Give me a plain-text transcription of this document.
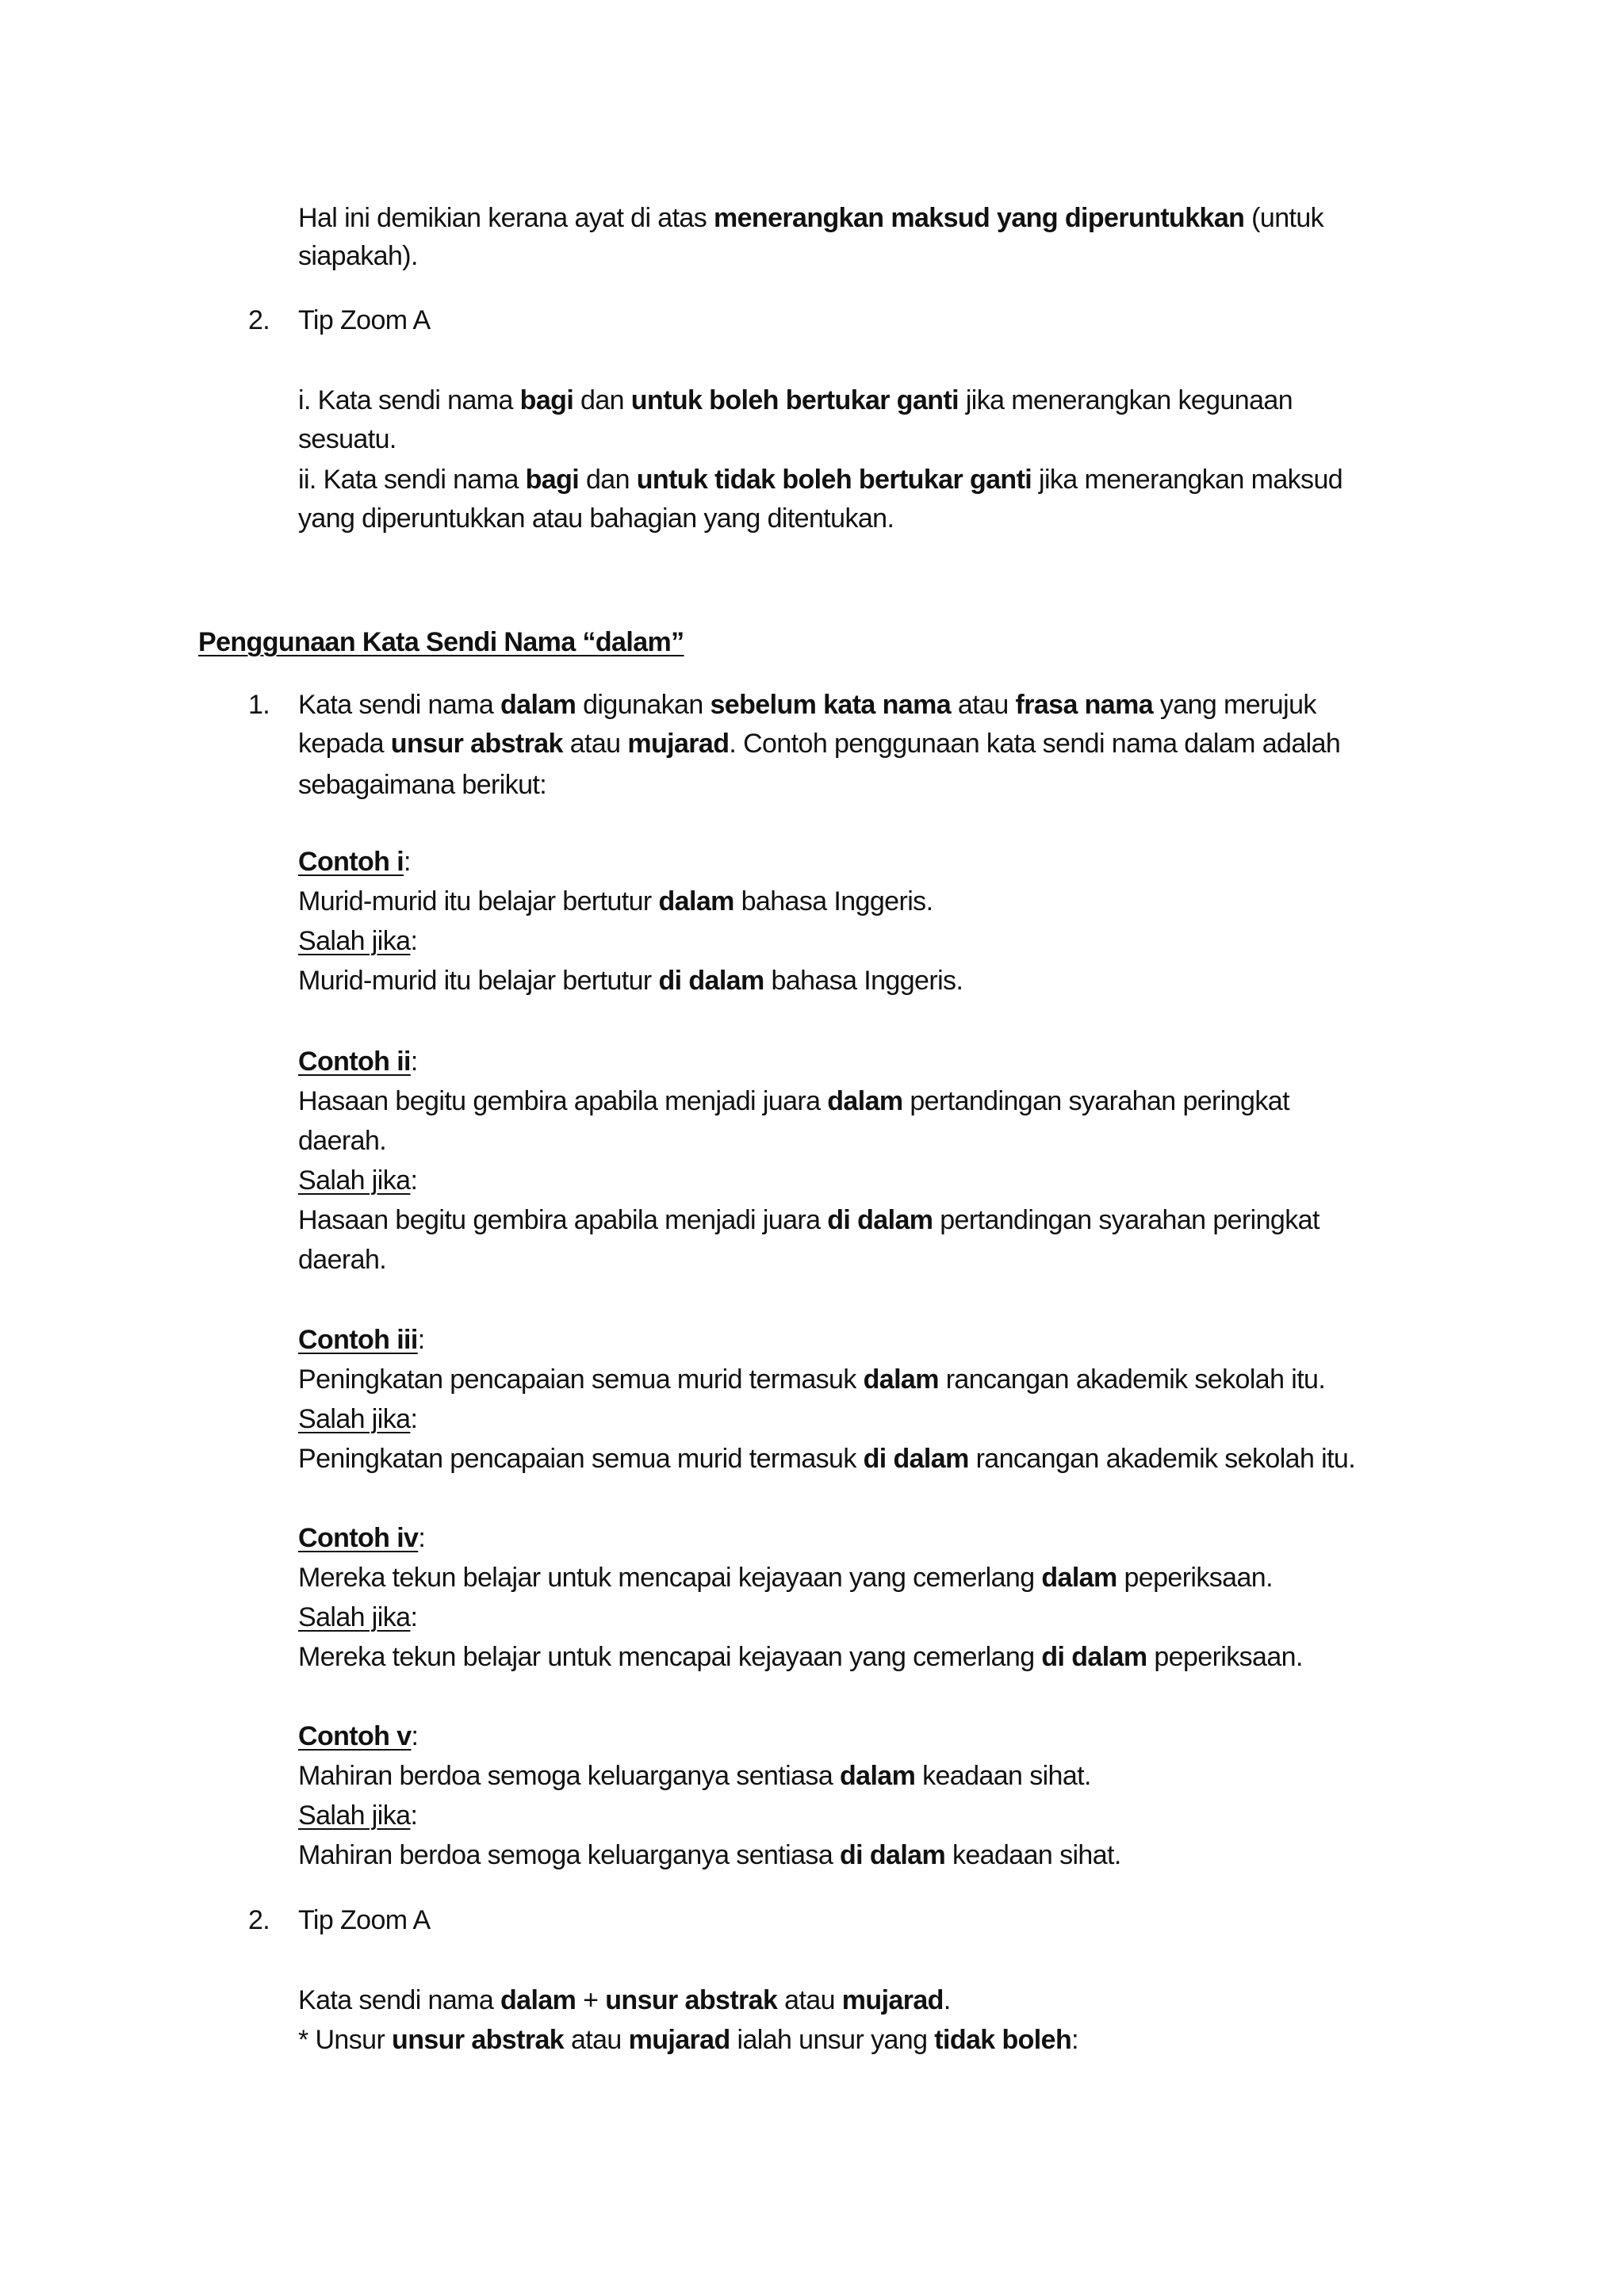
Hal ini demikian kerana ayat di atas menerangkan maksud yang diperuntukkan (untuk
siapakah).
2. Tip Zoom A
i. Kata sendi nama bagi dan untuk boleh bertukar ganti jika menerangkan kegunaan
sesuatu.
ii. Kata sendi nama bagi dan untuk tidak boleh bertukar ganti jika menerangkan maksud
yang diperuntukkan atau bahagian yang ditentukan.
Penggunaan Kata Sendi Nama “dalam”
1. Kata sendi nama dalam digunakan sebelum kata nama atau frasa nama yang merujuk
kepada unsur abstrak atau mujarad. Contoh penggunaan kata sendi nama dalam adalah
sebagaimana berikut:
Contoh i:
Murid-murid itu belajar bertutur dalam bahasa Inggeris.
Salah jika:
Murid-murid itu belajar bertutur di dalam bahasa Inggeris.
Contoh ii:
Hasaan begitu gembira apabila menjadi juara dalam pertandingan syarahan peringkat
daerah.
Salah jika:
Hasaan begitu gembira apabila menjadi juara di dalam pertandingan syarahan peringkat
daerah.
Contoh iii:
Peningkatan pencapaian semua murid termasuk dalam rancangan akademik sekolah itu.
Salah jika:
Peningkatan pencapaian semua murid termasuk di dalam rancangan akademik sekolah itu.
Contoh iv:
Mereka tekun belajar untuk mencapai kejayaan yang cemerlang dalam peperiksaan.
Salah jika:
Mereka tekun belajar untuk mencapai kejayaan yang cemerlang di dalam peperiksaan.
Contoh v:
Mahiran berdoa semoga keluarganya sentiasa dalam keadaan sihat.
Salah jika:
Mahiran berdoa semoga keluarganya sentiasa di dalam keadaan sihat.
2. Tip Zoom A
Kata sendi nama dalam + unsur abstrak atau mujarad.
* Unsur unsur abstrak atau mujarad ialah unsur yang tidak boleh:
